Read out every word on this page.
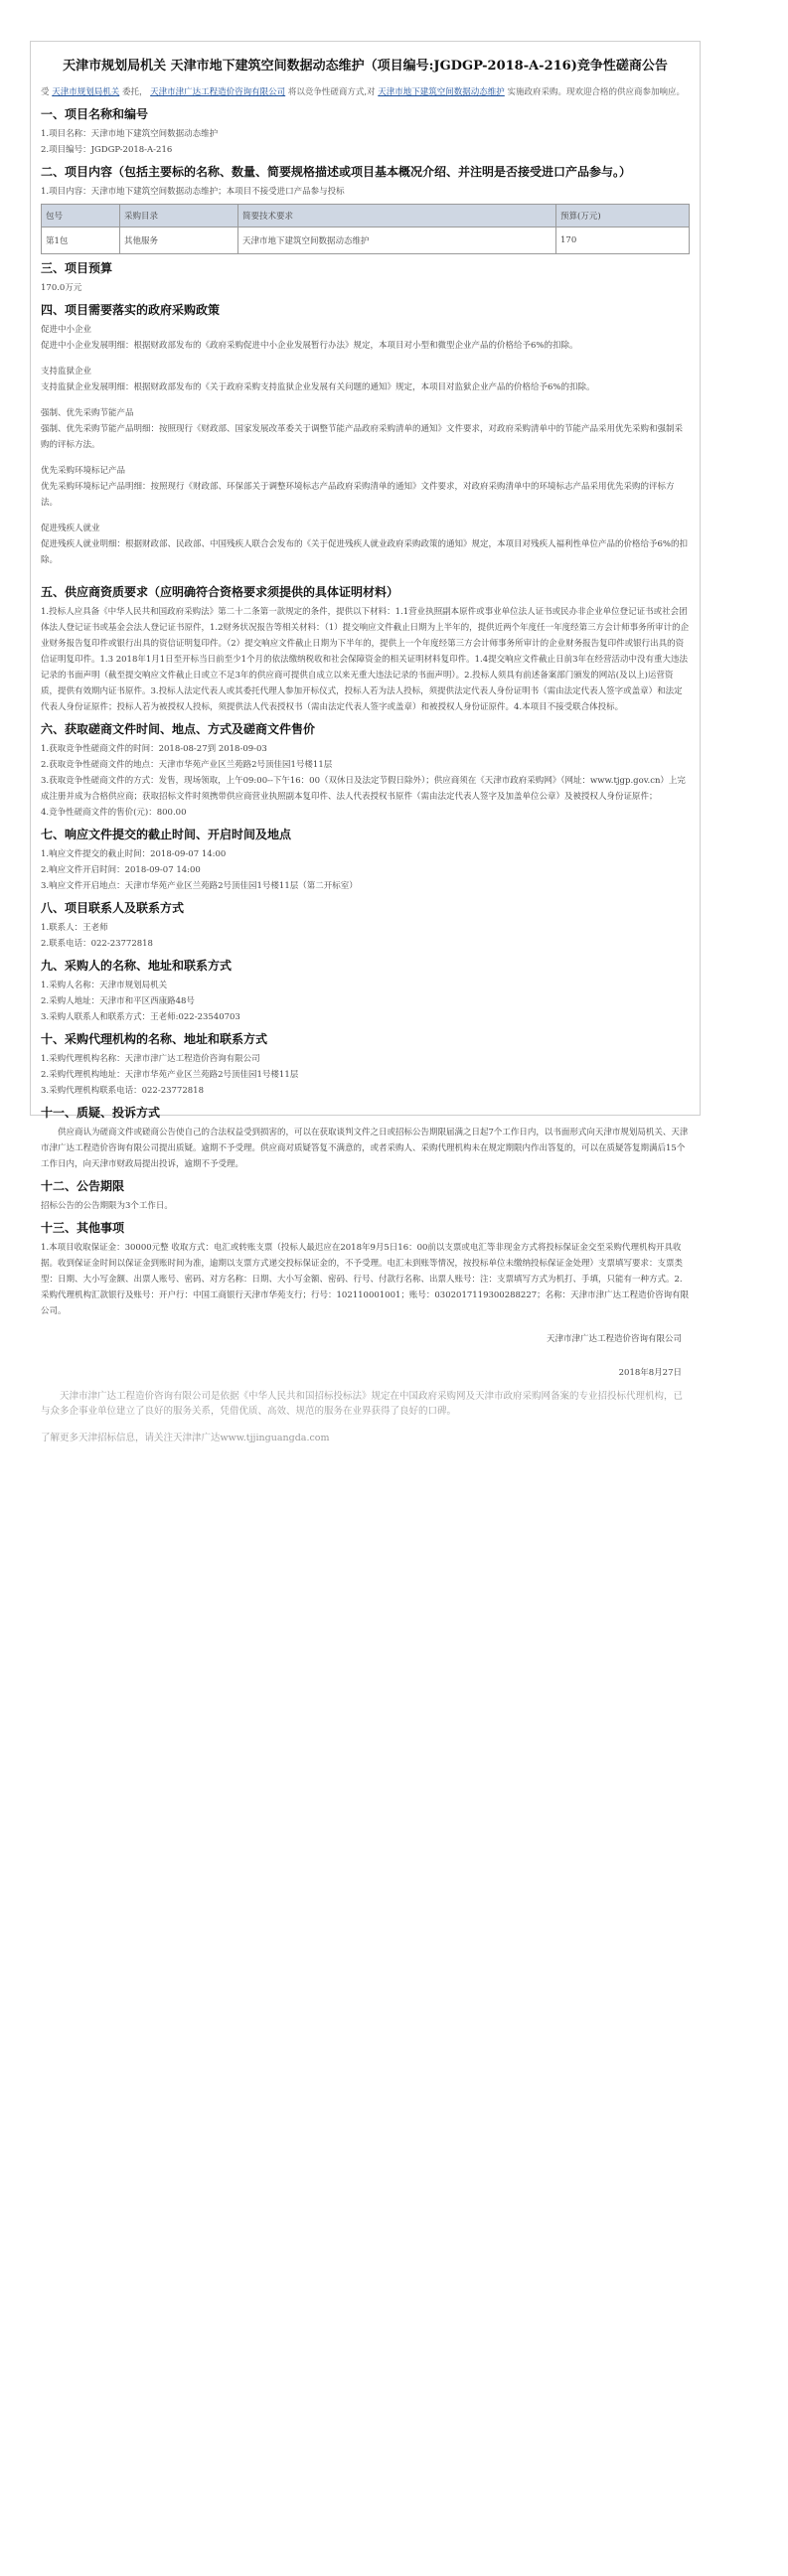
天津市规划局机关 天津市地下建筑空间数据动态维护（项目编号:JGDGP-2018-A-216)竞争性磋商公告
受 天津市规划局机关 委托， 天津市津广达工程造价咨询有限公司 将以竞争性磋商方式,对 天津市地下建筑空间数据动态维护 实施政府采购。现欢迎合格的供应商参加响应。
一、项目名称和编号

1.项目名称：天津市地下建筑空间数据动态维护

2.项目编号：JGDGP-2018-A-216

二、项目内容（包括主要标的名称、数量、简要规格描述或项目基本概况介绍、并注明是否接受进口产品参与。）

1.项目内容：天津市地下建筑空间数据动态维护；本项目不接受进口产品参与投标

包号	采购目录	简要技术要求	预算(万元)
第1包	其他服务	天津市地下建筑空间数据动态维护	170
三、项目预算

170.0万元

四、项目需要落实的政府采购政策

促进中小企业

促进中小企业发展明细：根据财政部发布的《政府采购促进中小企业发展暂行办法》规定，本项目对小型和微型企业产品的价格给予6%的扣除。

支持监狱企业

支持监狱企业发展明细：根据财政部发布的《关于政府采购支持监狱企业发展有关问题的通知》规定，本项目对监狱企业产品的价格给予6%的扣除。

强制、优先采购节能产品

强制、优先采购节能产品明细：按照现行《财政部、国家发展改革委关于调整节能产品政府采购清单的通知》文件要求，对政府采购清单中的节能产品采用优先采购和强制采购的评标方法。

优先采购环境标记产品

优先采购环境标记产品明细：按照现行《财政部、环保部关于调整环境标志产品政府采购清单的通知》文件要求，对政府采购清单中的环境标志产品采用优先采购的评标方法。

促进残疾人就业

促进残疾人就业明细：根据财政部、民政部、中国残疾人联合会发布的《关于促进残疾人就业政府采购政策的通知》规定，本项目对残疾人福利性单位产品的价格给予6%的扣除。

五、供应商资质要求（应明确符合资格要求须提供的具体证明材料）

1.投标人应具备《中华人民共和国政府采购法》第二十二条第一款规定的条件，提供以下材料：1.1营业执照副本原件或事业单位法人证书或民办非企业单位登记证书或社会团体法人登记证书或基金会法人登记证书原件，1.2财务状况报告等相关材料：（1）提交响应文件截止日期为上半年的，提供近两个年度任一年度经第三方会计师事务所审计的企业财务报告复印件或银行出具的资信证明复印件。（2）提交响应文件截止日期为下半年的，提供上一个年度经第三方会计师事务所审计的企业财务报告复印件或银行出具的资信证明复印件。1.3 2018年1月1日至开标当日前至少1个月的依法缴纳税收和社会保障资金的相关证明材料复印件。1.4提交响应文件截止日前3年在经营活动中没有重大违法记录的书面声明（截至提交响应文件截止日或立不足3年的供应商可提供自成立以来无重大违法记录的书面声明）。2.投标人须具有前述备案部门颁发的网站(及以上)运营资质，提供有效期内证书原件。3.投标人法定代表人或其委托代理人参加开标仪式，投标人若为法人投标，须提供法定代表人身份证明书（需由法定代表人签字或盖章）和法定代表人身份证原件；投标人若为被授权人投标，须提供法人代表授权书（需由法定代表人签字或盖章）和被授权人身份证原件。4.本项目不接受联合体投标。

六、获取磋商文件时间、地点、方式及磋商文件售价

1.获取竞争性磋商文件的时间：2018-08-27到 2018-09-03

2.获取竞争性磋商文件的地点：天津市华苑产业区兰苑路2号顶佳园1号楼11层

3.获取竞争性磋商文件的方式：发售，现场领取，上午09:00--下午16：00（双休日及法定节假日除外）；供应商须在《天津市政府采购网》（网址：www.tjgp.gov.cn）上完成注册并成为合格供应商；获取招标文件时须携带供应商营业执照副本复印件、法人代表授权书原件（需由法定代表人签字及加盖单位公章）及被授权人身份证原件；

4.竞争性磋商文件的售价(元)：800.00

七、响应文件提交的截止时间、开启时间及地点

1.响应文件提交的截止时间：2018-09-07 14:00

2.响应文件开启时间：2018-09-07 14:00

3.响应文件开启地点：天津市华苑产业区兰苑路2号顶佳园1号楼11层（第二开标室）

八、项目联系人及联系方式

1.联系人：王老师

2.联系电话：022-23772818

九、采购人的名称、地址和联系方式

1.采购人名称：天津市规划局机关

2.采购人地址：天津市和平区西康路48号

3.采购人联系人和联系方式：王老师:022-23540703

十、采购代理机构的名称、地址和联系方式

1.采购代理机构名称：天津市津广达工程造价咨询有限公司

2.采购代理机构地址：天津市华苑产业区兰苑路2号顶佳园1号楼11层

3.采购代理机构联系电话：022-23772818

十一、质疑、投诉方式

供应商认为磋商文件或磋商公告使自己的合法权益受到损害的，可以在获取谈判文件之日或招标公告期限届满之日起7个工作日内，以书面形式向天津市规划局机关、天津市津广达工程造价咨询有限公司提出质疑。逾期不予受理。供应商对质疑答复不满意的，或者采购人、采购代理机构未在规定期限内作出答复的，可以在质疑答复期满后15个工作日内，向天津市财政局提出投诉，逾期不予受理。

十二、公告期限

招标公告的公告期限为3个工作日。

十三、其他事项

1.本项目收取保证金：30000元整 收取方式：电汇或转账支票（投标人最迟应在2018年9月5日16：00前以支票或电汇等非现金方式将投标保证金交至采购代理机构开具收据。收到保证金时间以保证金到账时间为准，逾期以支票方式递交投标保证金的，不予受理。电汇未到账等情况，按投标单位未缴纳投标保证金处理）支票填写要求：支票类型：日期、大小写金额、出票人账号、密码、对方名称：日期、大小写金额、密码、行号、付款行名称、出票人账号：注：支票填写方式为机打、手填，只能有一种方式。2.采购代理机构汇款银行及账号：开户行：中国工商银行天津市华苑支行；行号：102110001001；账号：0302017119300288227；名称：天津市津广达工程造价咨询有限公司。

天津市津广达工程造价咨询有限公司
2018年8月27日
天津市津广达工程造价咨询有限公司是依据《中华人民共和国招标投标法》规定在中国政府采购网及天津市政府采购网备案的专业招投标代理机构，已与众多企事业单位建立了良好的服务关系，凭借优质、高效、规范的服务在业界获得了良好的口碑。
了解更多天津招标信息，请关注天津津广达www.tjjinguangda.com
